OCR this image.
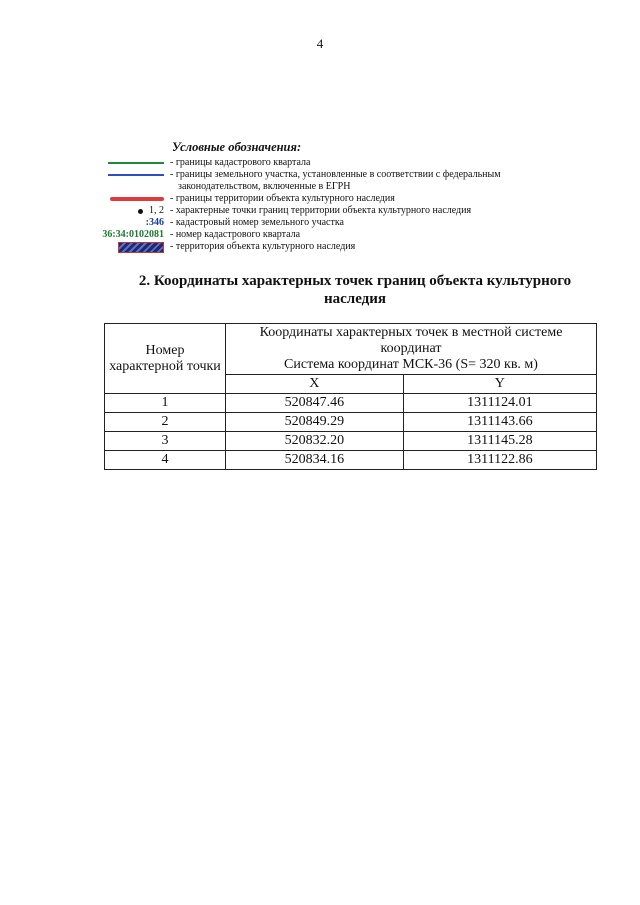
4
Условные обозначения:
- границы кадастрового квартала
- границы земельного участка, установленные в соответствии с федеральным
законодательством, включенные в ЕГРН
- границы территории объекта культурного наследия
1, 2 - характерные точки границ территории объекта культурного наследия
:346 - кадастровый номер земельного участка
36:34:0102081 - номер кадастрового квартала
- территория объекта культурного наследия
2. Координаты характерных точек границ объекта культурного наследия
Номер характерной точки	Координаты характерных точек в местной системе координат
Система координат МСК-36 (S= 320 кв. м)	

	X	Y
1	520847.46	1311124.01
2	520849.29	1311143.66
3	520832.20	1311145.28
4	520834.16	1311122.86
